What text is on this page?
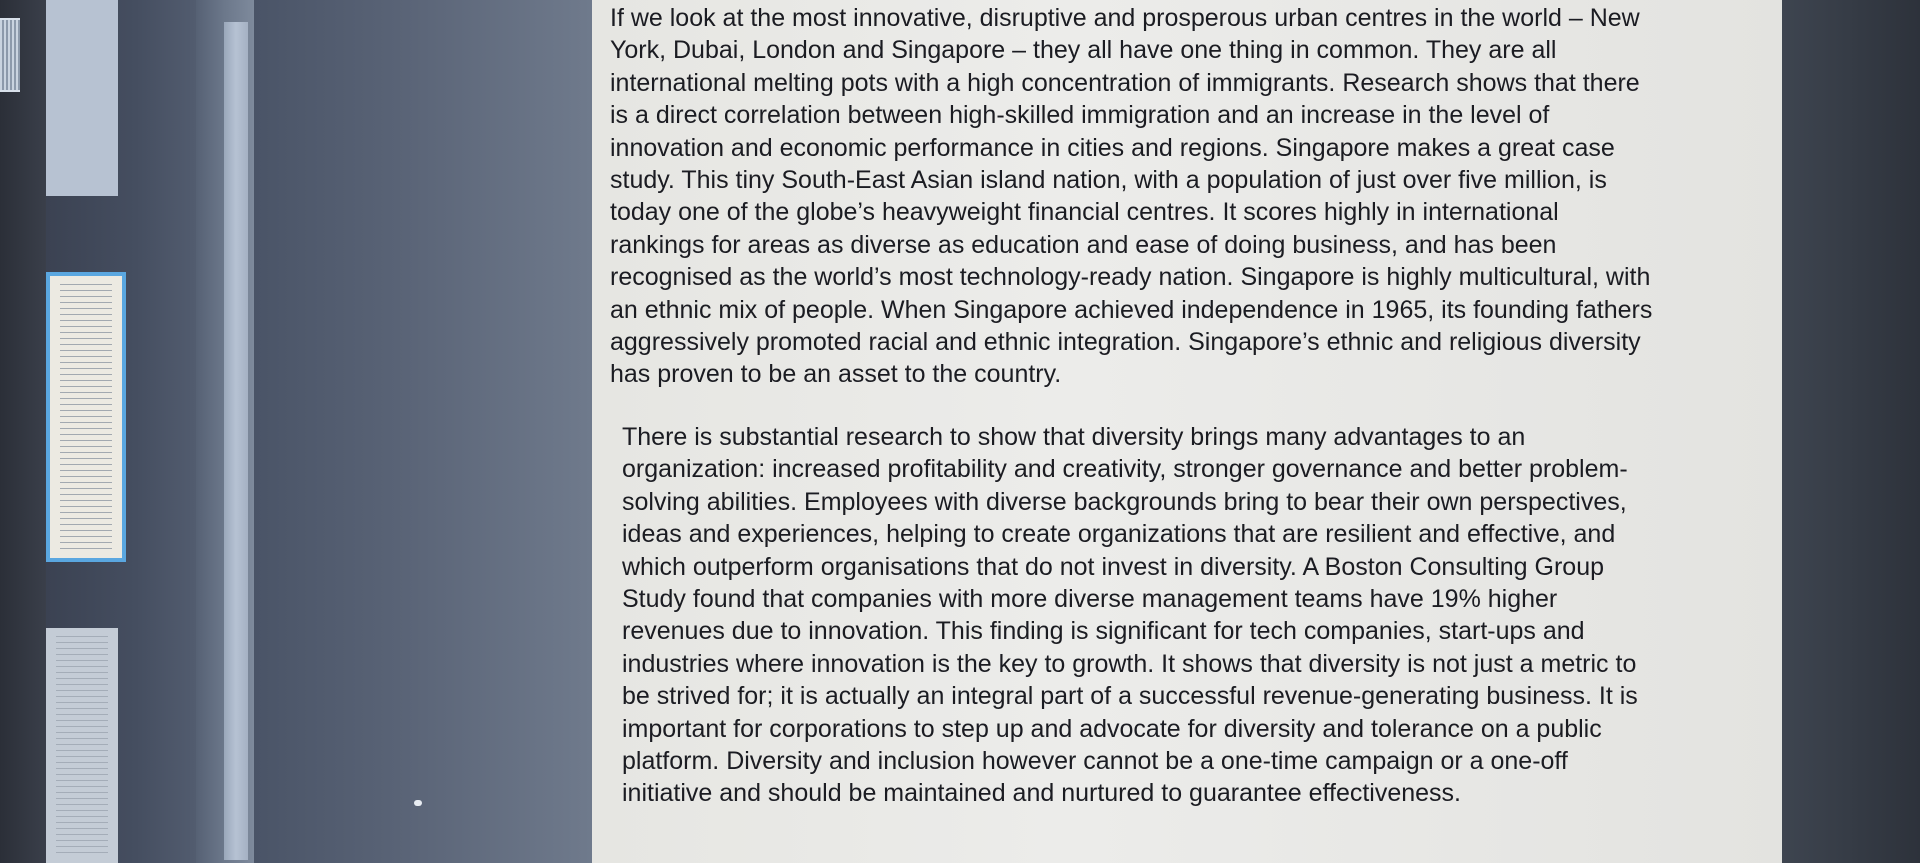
If we look at the most innovative, disruptive and prosperous urban centres in the world – New York, Dubai, London and Singapore – they all have one thing in common. They are all international melting pots with a high concentration of immigrants. Research shows that there is a direct correlation between high-skilled immigration and an increase in the level of innovation and economic performance in cities and regions. Singapore makes a great case study. This tiny South-East Asian island nation, with a population of just over five million, is today one of the globe’s heavyweight financial centres. It scores highly in international rankings for areas as diverse as education and ease of doing business, and has been recognised as the world’s most technology-ready nation. Singapore is highly multicultural, with an ethnic mix of people. When Singapore achieved independence in 1965, its founding fathers aggressively promoted racial and ethnic integration. Singapore’s ethnic and religious diversity has proven to be an asset to the country.

There is substantial research to show that diversity brings many advantages to an organization: increased profitability and creativity, stronger governance and better problem-solving abilities. Employees with diverse backgrounds bring to bear their own perspectives, ideas and experiences, helping to create organizations that are resilient and effective, and which outperform organisations that do not invest in diversity. A Boston Consulting Group Study found that companies with more diverse management teams have 19% higher revenues due to innovation. This finding is significant for tech companies, start-ups and industries where innovation is the key to growth. It shows that diversity is not just a metric to be strived for; it is actually an integral part of a successful revenue-generating business. It is important for corporations to step up and advocate for diversity and tolerance on a public platform. Diversity and inclusion however cannot be a one-time campaign or a one-off initiative and should be maintained and nurtured to guarantee effectiveness.
